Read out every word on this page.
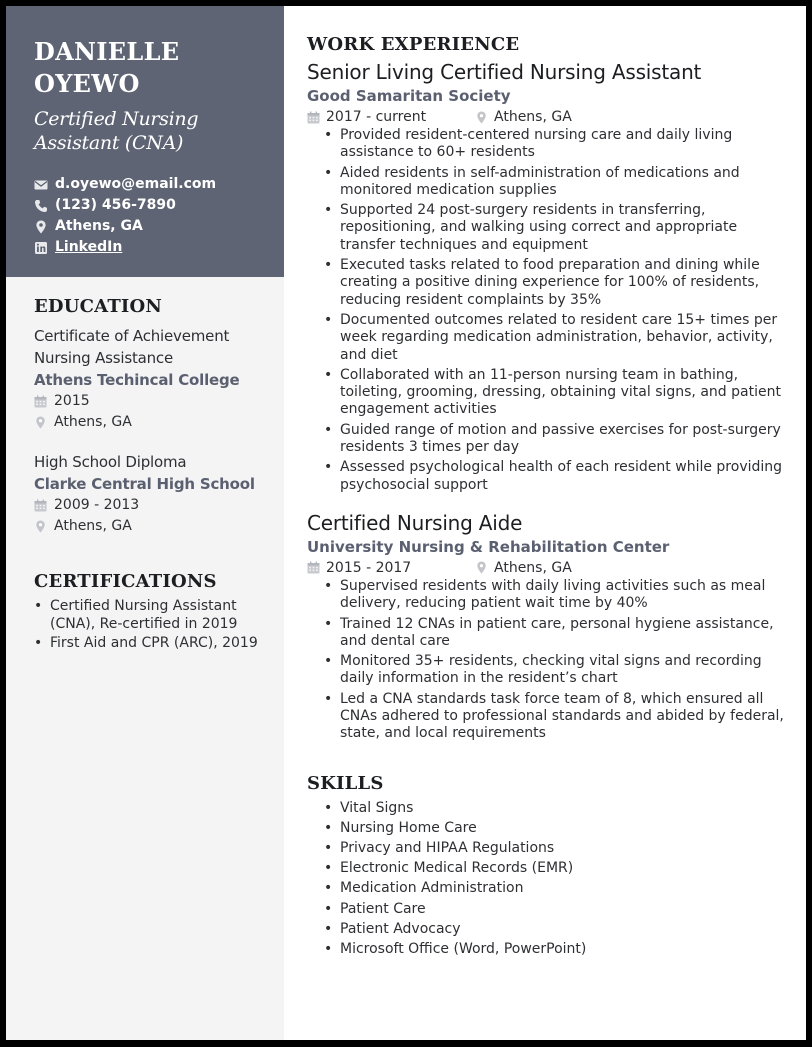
DANIELLE OYEWO
Certified Nursing Assistant (CNA)
d.oyewo@email.com
(123) 456-7890
Athens, GA
LinkedIn
EDUCATION
Certificate of Achievement Nursing Assistance
Athens Techincal College
2015
Athens, GA
High School Diploma
Clarke Central High School
2009 - 2013
Athens, GA
CERTIFICATIONS
• Certified Nursing Assistant (CNA), Re-certified in 2019
• First Aid and CPR (ARC), 2019
WORK EXPERIENCE
Senior Living Certified Nursing Assistant
Good Samaritan Society
2017 - current	Athens, GA
• Provided resident-centered nursing care and daily living assistance to 60+ residents
• Aided residents in self-administration of medications and monitored medication supplies
• Supported 24 post-surgery residents in transferring, repositioning, and walking using correct and appropriate transfer techniques and equipment
• Executed tasks related to food preparation and dining while creating a positive dining experience for 100% of residents, reducing resident complaints by 35%
• Documented outcomes related to resident care 15+ times per week regarding medication administration, behavior, activity, and diet
• Collaborated with an 11-person nursing team in bathing, toileting, grooming, dressing, obtaining vital signs, and patient engagement activities
• Guided range of motion and passive exercises for post-surgery residents 3 times per day
• Assessed psychological health of each resident while providing psychosocial support
Certified Nursing Aide
University Nursing & Rehabilitation Center
2015 - 2017	Athens, GA
• Supervised residents with daily living activities such as meal delivery, reducing patient wait time by 40%
• Trained 12 CNAs in patient care, personal hygiene assistance, and dental care
• Monitored 35+ residents, checking vital signs and recording daily information in the resident’s chart
• Led a CNA standards task force team of 8, which ensured all CNAs adhered to professional standards and abided by federal, state, and local requirements
SKILLS
• Vital Signs
• Nursing Home Care
• Privacy and HIPAA Regulations
• Electronic Medical Records (EMR)
• Medication Administration
• Patient Care
• Patient Advocacy
• Microsoft Office (Word, PowerPoint)
